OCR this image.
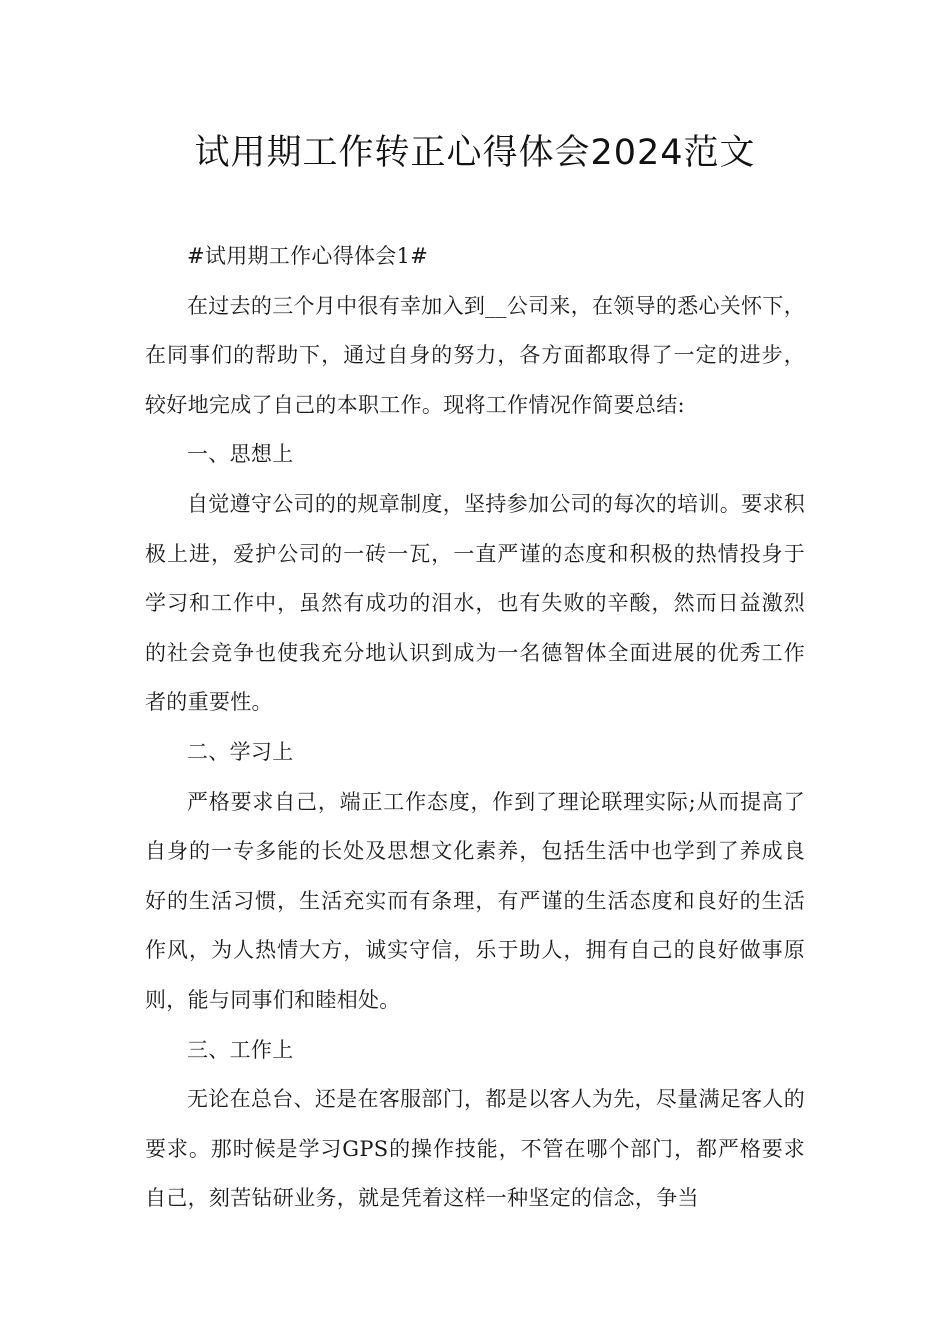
试用期工作转正心得体会2024范文

#试用期工作心得体会1#

在过去的三个月中很有幸加入到__公司来，在领导的悉心关怀下，在同事们的帮助下，通过自身的努力，各方面都取得了一定的进步，较好地完成了自己的本职工作。现将工作情况作简要总结:

一、思想上

自觉遵守公司的的规章制度，坚持参加公司的每次的培训。要求积极上进，爱护公司的一砖一瓦，一直严谨的态度和积极的热情投身于学习和工作中，虽然有成功的泪水，也有失败的辛酸，然而日益激烈的社会竞争也使我充分地认识到成为一名德智体全面进展的优秀工作者的重要性。

二、学习上

严格要求自己，端正工作态度，作到了理论联理实际;从而提高了自身的一专多能的长处及思想文化素养，包括生活中也学到了养成良好的生活习惯，生活充实而有条理，有严谨的生活态度和良好的生活作风，为人热情大方，诚实守信，乐于助人，拥有自己的良好做事原则，能与同事们和睦相处。

三、工作上

无论在总台、还是在客服部门，都是以客人为先，尽量满足客人的要求。那时候是学习GPS的操作技能，不管在哪个部门，都严格要求自己，刻苦钻研业务，就是凭着这样一种坚定的信念，争当
